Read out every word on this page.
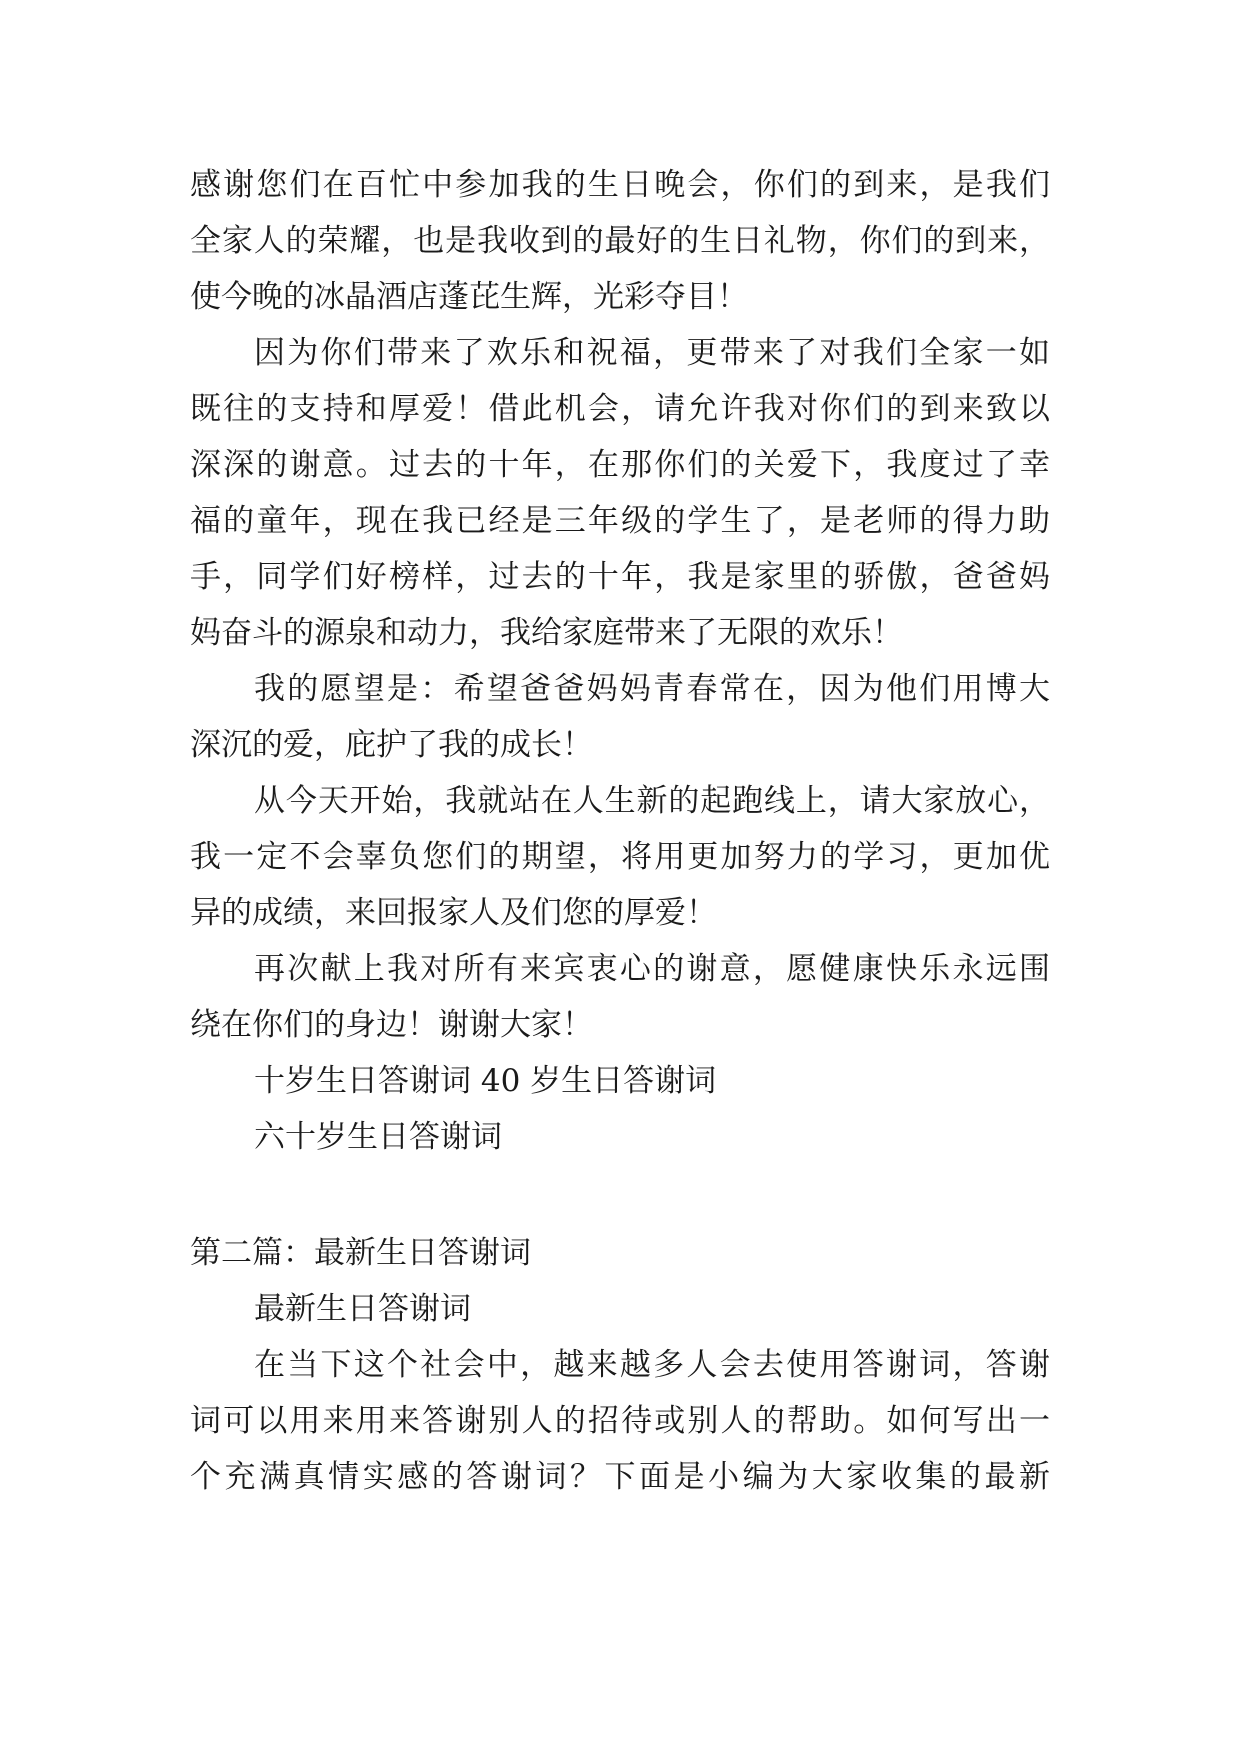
感谢您们在百忙中参加我的生日晚会，你们的到来，是我们
全家人的荣耀，也是我收到的最好的生日礼物，你们的到来，
使今晚的冰晶酒店蓬芘生辉，光彩夺目！
因为你们带来了欢乐和祝福，更带来了对我们全家一如
既往的支持和厚爱！借此机会，请允许我对你们的到来致以
深深的谢意。过去的十年，在那你们的关爱下，我度过了幸
福的童年，现在我已经是三年级的学生了，是老师的得力助
手，同学们好榜样，过去的十年，我是家里的骄傲，爸爸妈
妈奋斗的源泉和动力，我给家庭带来了无限的欢乐！
我的愿望是：希望爸爸妈妈青春常在，因为他们用博大
深沉的爱，庇护了我的成长！
从今天开始，我就站在人生新的起跑线上，请大家放心，
我一定不会辜负您们的期望，将用更加努力的学习，更加优
异的成绩，来回报家人及们您的厚爱！
再次献上我对所有来宾衷心的谢意，愿健康快乐永远围
绕在你们的身边！谢谢大家！
十岁生日答谢词 40 岁生日答谢词
六十岁生日答谢词
第二篇：最新生日答谢词
最新生日答谢词
在当下这个社会中，越来越多人会去使用答谢词，答谢
词可以用来用来答谢别人的招待或别人的帮助。如何写出一
个充满真情实感的答谢词？下面是小编为大家收集的最新
